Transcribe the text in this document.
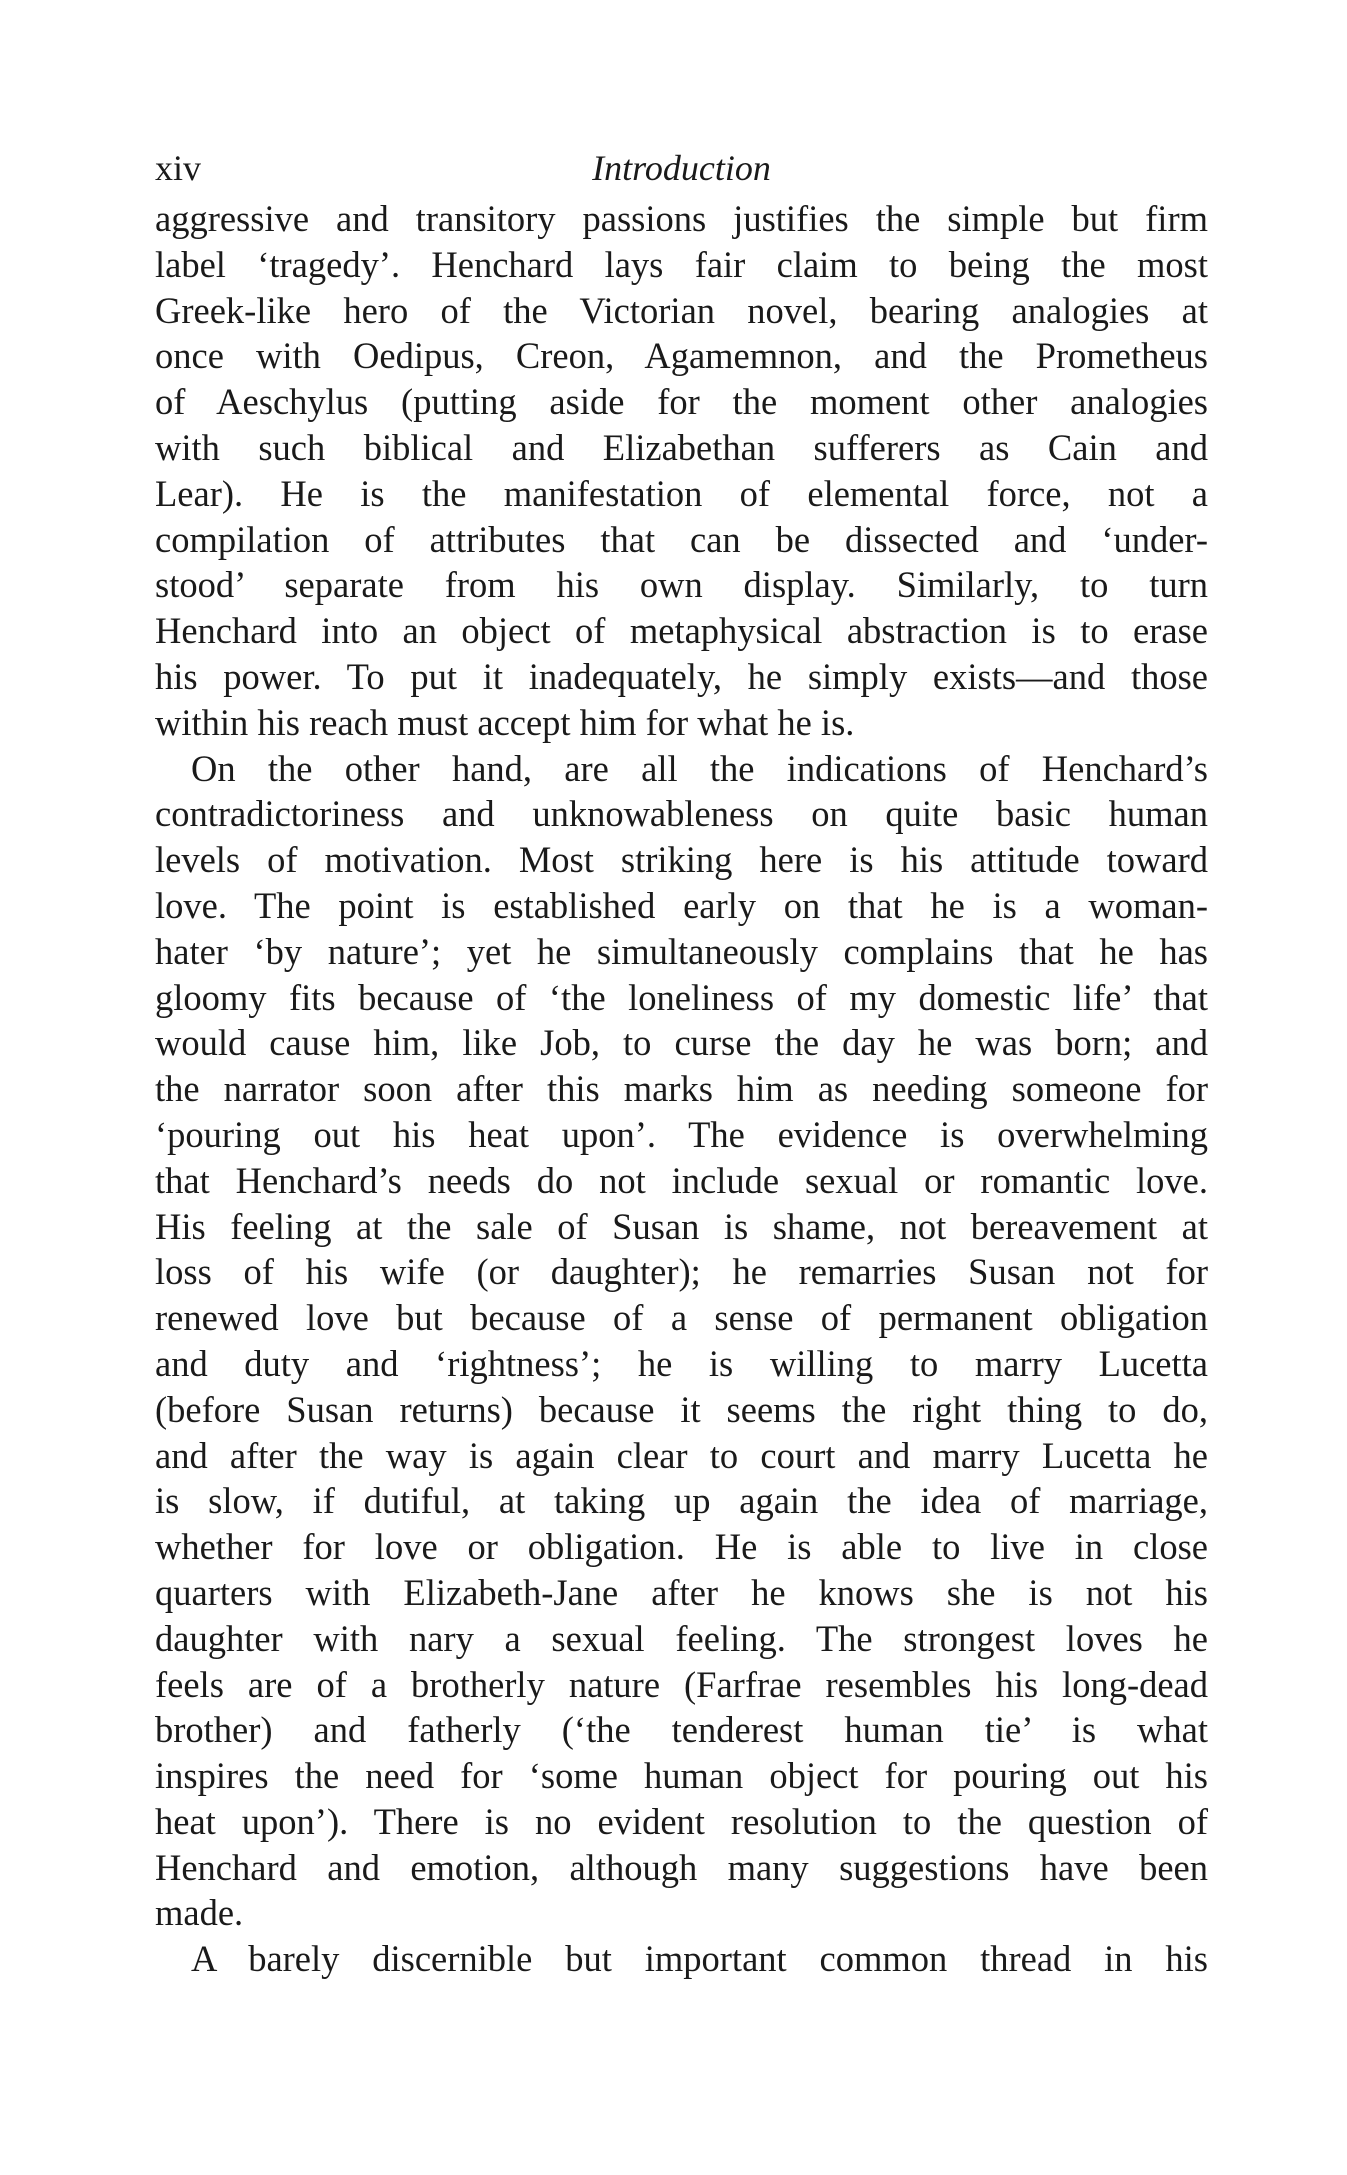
xiv	Introduction
aggressive and transitory passions justifies the simple but firm
label ‘tragedy’. Henchard lays fair claim to being the most
Greek-like hero of the Victorian novel, bearing analogies at
once with Oedipus, Creon, Agamemnon, and the Prometheus
of Aeschylus (putting aside for the moment other analogies
with such biblical and Elizabethan sufferers as Cain and
Lear). He is the manifestation of elemental force, not a
compilation of attributes that can be dissected and ‘under-
stood’ separate from his own display. Similarly, to turn
Henchard into an object of metaphysical abstraction is to erase
his power. To put it inadequately, he simply exists—and those
within his reach must accept him for what he is.
On the other hand, are all the indications of Henchard’s
contradictoriness and unknowableness on quite basic human
levels of motivation. Most striking here is his attitude toward
love. The point is established early on that he is a woman-
hater ‘by nature’; yet he simultaneously complains that he has
gloomy fits because of ‘the loneliness of my domestic life’ that
would cause him, like Job, to curse the day he was born; and
the narrator soon after this marks him as needing someone for
‘pouring out his heat upon’. The evidence is overwhelming
that Henchard’s needs do not include sexual or romantic love.
His feeling at the sale of Susan is shame, not bereavement at
loss of his wife (or daughter); he remarries Susan not for
renewed love but because of a sense of permanent obligation
and duty and ‘rightness’; he is willing to marry Lucetta
(before Susan returns) because it seems the right thing to do,
and after the way is again clear to court and marry Lucetta he
is slow, if dutiful, at taking up again the idea of marriage,
whether for love or obligation. He is able to live in close
quarters with Elizabeth-Jane after he knows she is not his
daughter with nary a sexual feeling. The strongest loves he
feels are of a brotherly nature (Farfrae resembles his long-dead
brother) and fatherly (‘the tenderest human tie’ is what
inspires the need for ‘some human object for pouring out his
heat upon’). There is no evident resolution to the question of
Henchard and emotion, although many suggestions have been
made.
A barely discernible but important common thread in his
